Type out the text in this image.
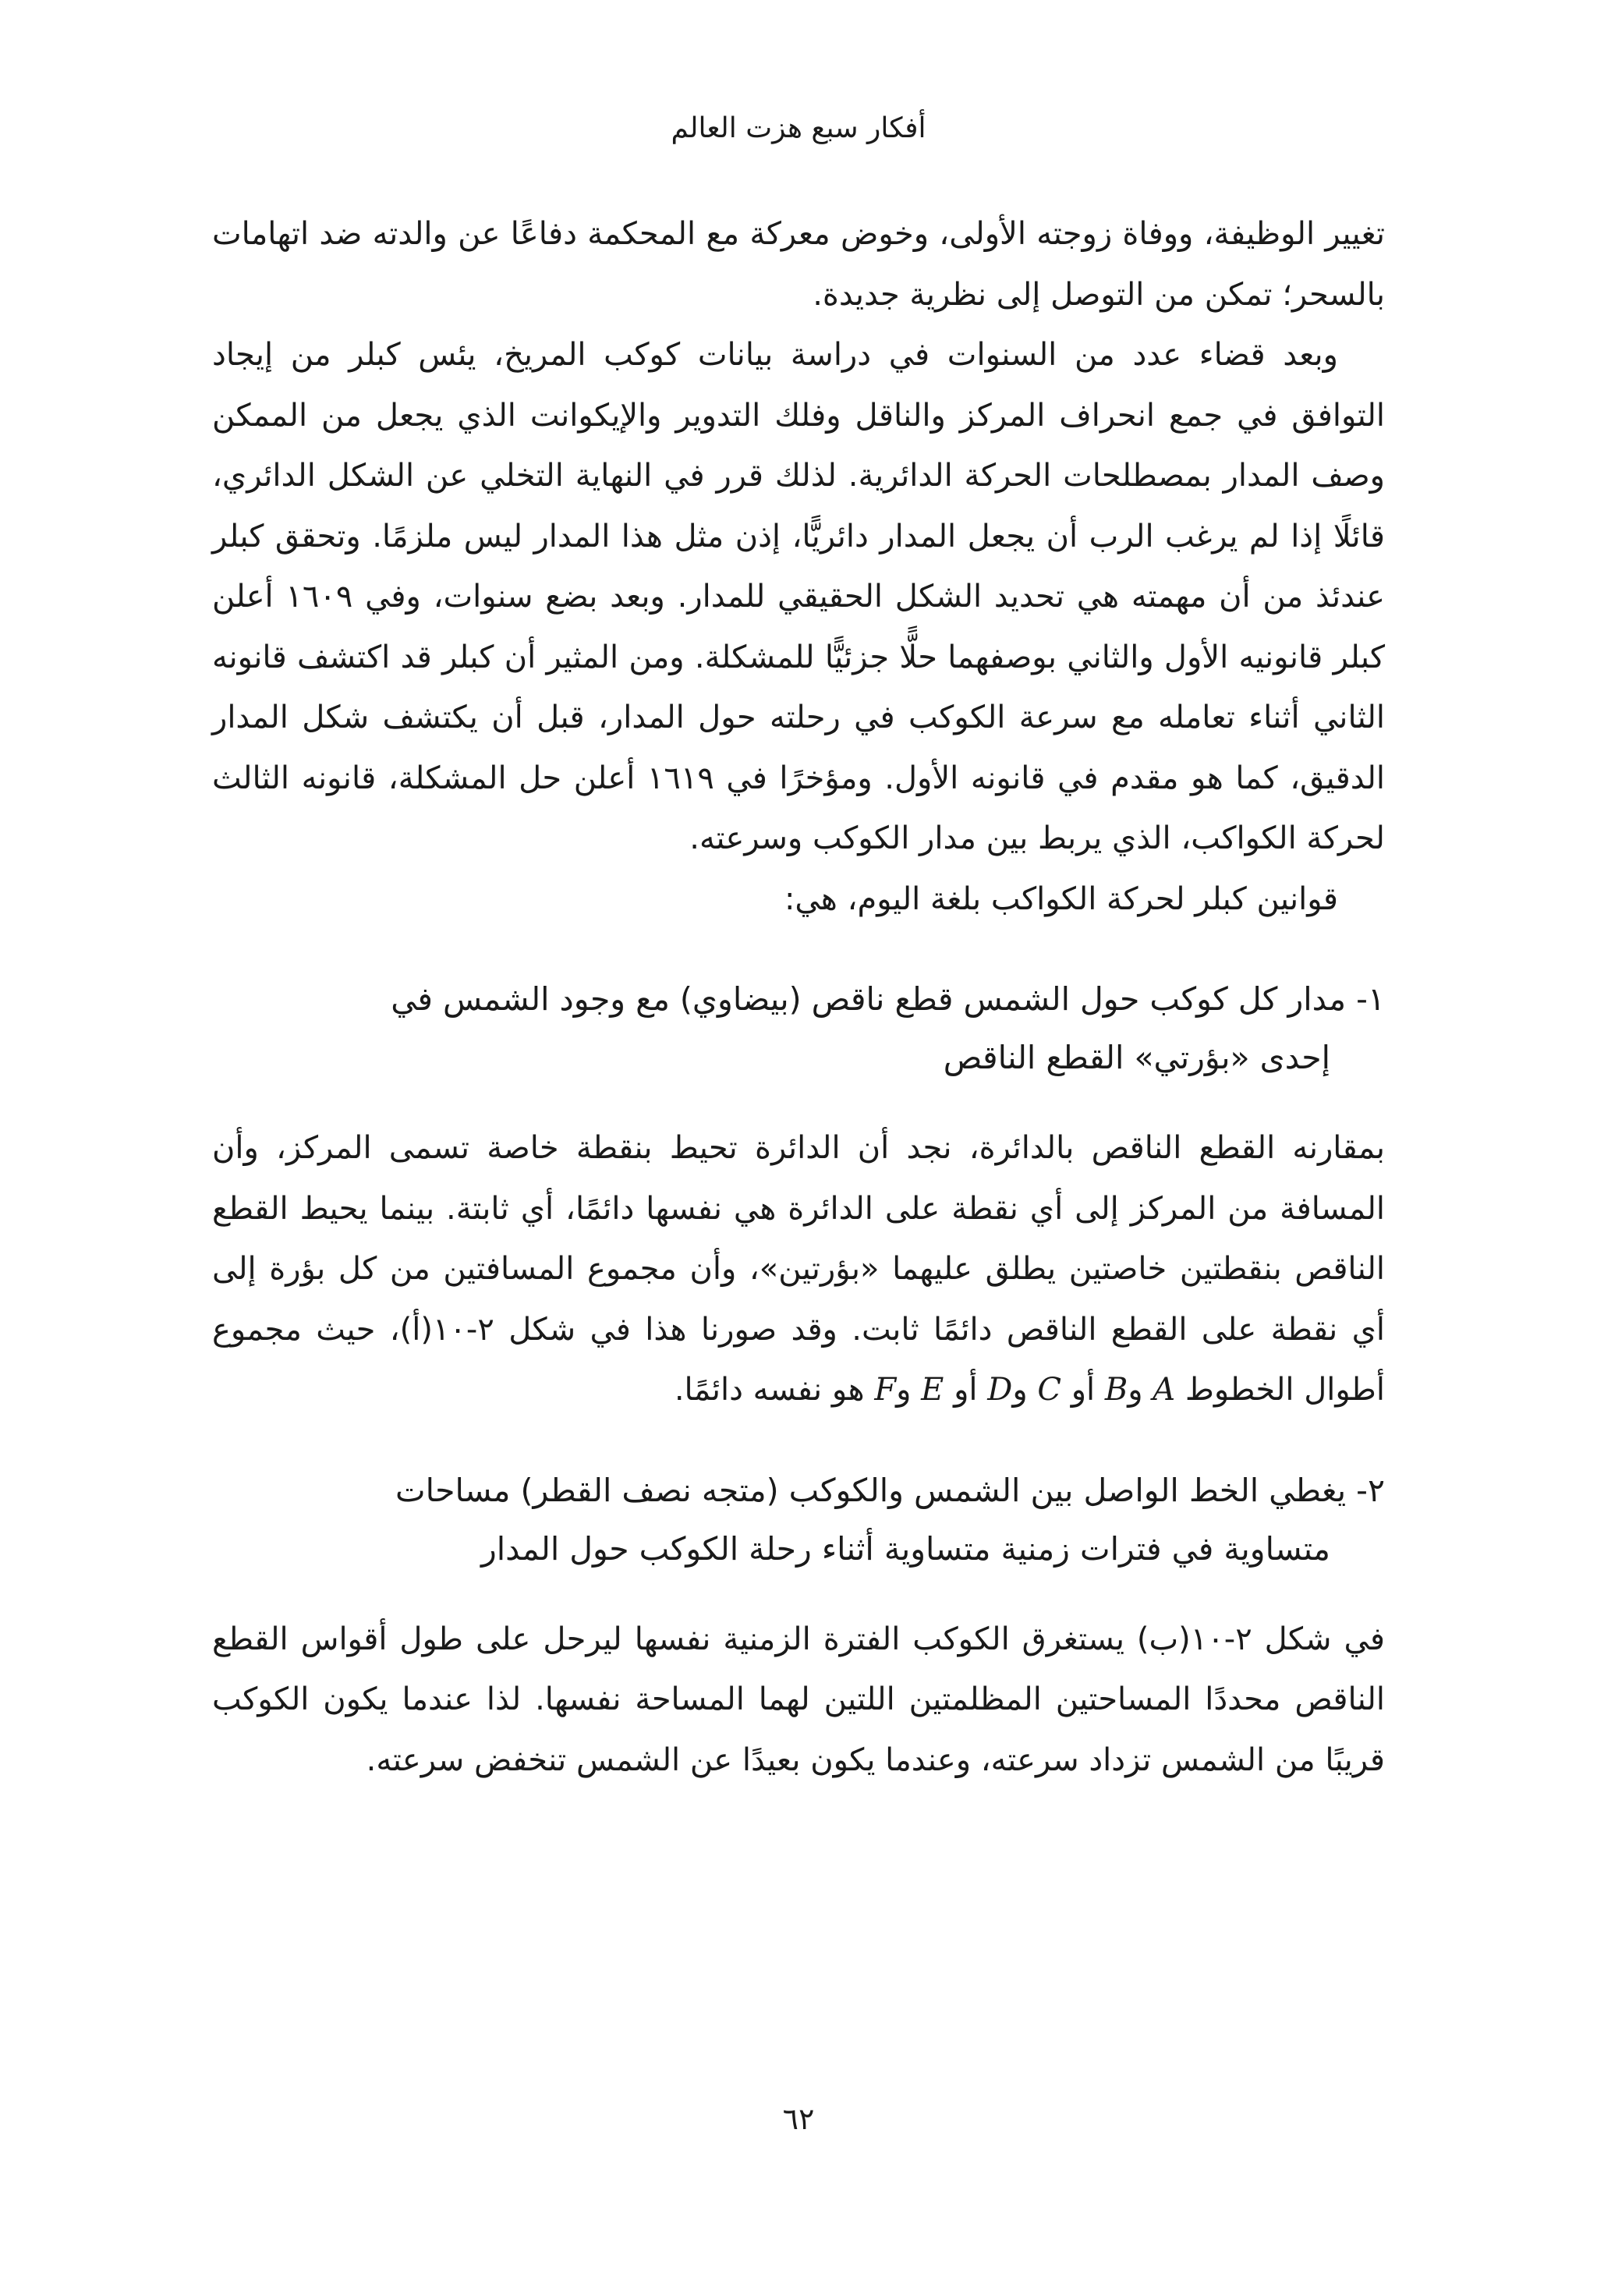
أفكار سبع هزت العالم

تغيير الوظيفة، ووفاة زوجته الأولى، وخوض معركة مع المحكمة دفاعًا عن والدته ضد اتهامات بالسحر؛ تمكن من التوصل إلى نظرية جديدة.

وبعد قضاء عدد من السنوات في دراسة بيانات كوكب المريخ، يئس كبلر من إيجاد التوافق في جمع انحراف المركز والناقل وفلك التدوير والإيكوانت الذي يجعل من الممكن وصف المدار بمصطلحات الحركة الدائرية. لذلك قرر في النهاية التخلي عن الشكل الدائري، قائلًا إذا لم يرغب الرب أن يجعل المدار دائريًّا، إذن مثل هذا المدار ليس ملزمًا. وتحقق كبلر عندئذ من أن مهمته هي تحديد الشكل الحقيقي للمدار. وبعد بضع سنوات، وفي ١٦٠٩ أعلن كبلر قانونيه الأول والثاني بوصفهما حلًّا جزئيًّا للمشكلة. ومن المثير أن كبلر قد اكتشف قانونه الثاني أثناء تعامله مع سرعة الكوكب في رحلته حول المدار، قبل أن يكتشف شكل المدار الدقيق، كما هو مقدم في قانونه الأول. ومؤخرًا في ١٦١٩ أعلن حل المشكلة، قانونه الثالث لحركة الكواكب، الذي يربط بين مدار الكوكب وسرعته.

قوانين كبلر لحركة الكواكب بلغة اليوم، هي:

١- مدار كل كوكب حول الشمس قطع ناقص (بيضاوي) مع وجود الشمس في
إحدى «بؤرتي» القطع الناقص

بمقارنه القطع الناقص بالدائرة، نجد أن الدائرة تحيط بنقطة خاصة تسمى المركز، وأن المسافة من المركز إلى أي نقطة على الدائرة هي نفسها دائمًا، أي ثابتة. بينما يحيط القطع الناقص بنقطتين خاصتين يطلق عليهما «بؤرتين»، وأن مجموع المسافتين من كل بؤرة إلى أي نقطة على القطع الناقص دائمًا ثابت. وقد صورنا هذا في شكل ٢-١٠(أ)، حيث مجموع أطوال الخطوط A وB أو C وD أو E وF هو نفسه دائمًا.

٢- يغطي الخط الواصل بين الشمس والكوكب (متجه نصف القطر) مساحات
متساوية في فترات زمنية متساوية أثناء رحلة الكوكب حول المدار

في شكل ٢-١٠(ب) يستغرق الكوكب الفترة الزمنية نفسها ليرحل على طول أقواس القطع الناقص محددًا المساحتين المظلمتين اللتين لهما المساحة نفسها. لذا عندما يكون الكوكب قريبًا من الشمس تزداد سرعته، وعندما يكون بعيدًا عن الشمس تنخفض سرعته.

٦٢
